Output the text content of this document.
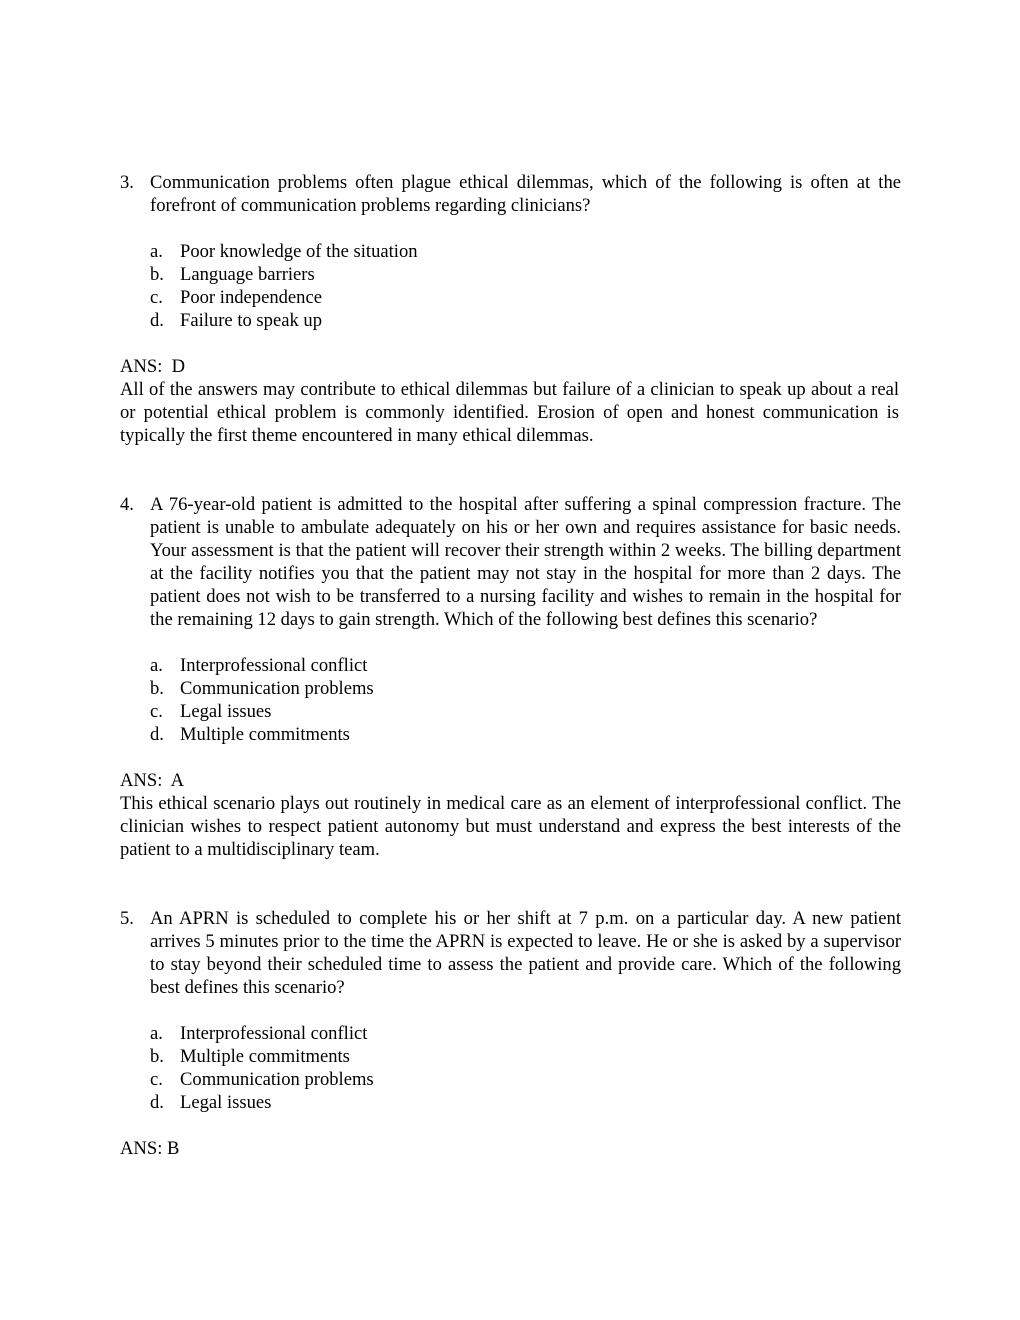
3. Communication problems often plague ethical dilemmas, which of the following is often at the forefront of communication problems regarding clinicians?
a. Poor knowledge of the situation
b. Language barriers
c. Poor independence
d. Failure to speak up
ANS:  D
All of the answers may contribute to ethical dilemmas but failure of a clinician to speak up about a real or potential ethical problem is commonly identified. Erosion of open and honest communication is typically the first theme encountered in many ethical dilemmas.
4. A 76-year-old patient is admitted to the hospital after suffering a spinal compression fracture. The patient is unable to ambulate adequately on his or her own and requires assistance for basic needs. Your assessment is that the patient will recover their strength within 2 weeks. The billing department at the facility notifies you that the patient may not stay in the hospital for more than 2 days. The patient does not wish to be transferred to a nursing facility and wishes to remain in the hospital for the remaining 12 days to gain strength. Which of the following best defines this scenario?
a. Interprofessional conflict
b. Communication problems
c. Legal issues
d. Multiple commitments
ANS:  A
This ethical scenario plays out routinely in medical care as an element of interprofessional conflict. The clinician wishes to respect patient autonomy but must understand and express the best interests of the patient to a multidisciplinary team.
5. An APRN is scheduled to complete his or her shift at 7 p.m. on a particular day. A new patient arrives 5 minutes prior to the time the APRN is expected to leave. He or she is asked by a supervisor to stay beyond their scheduled time to assess the patient and provide care. Which of the following best defines this scenario?
a. Interprofessional conflict
b. Multiple commitments
c. Communication problems
d. Legal issues
ANS: B
